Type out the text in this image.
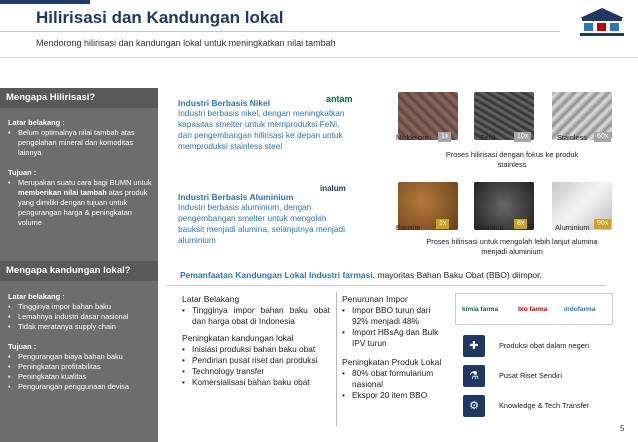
Hilirisasi dan Kandungan lokal
Mendorong hilirisasi dan kandungan lokal untuk meningkatkan nilai tambah
Mengapa Hilirisasi?
Latar belakang :
• Belum optimalnya nilai tambah atas pengolahan mineral dan komoditas lainnya
Tujuan :
• Merupakan suatu cara bagi BUMN untuk memberikan nilai tambah atas produk yang dimiliki dengan tujuan untuk pengurangan harga & peningkatan volume
Mengapa kandungan lokal?
Latar belakang :
• Tingginya impor bahan baku
• Lemahnya industri dasar nasional
• Tidak meratanya supply chain
Tujuan :
• Pengurangan biaya bahan baku
• Peningkatan profitabilitas
• Peningkatan kualitas
• Pengurangan penggunaan devisa
Industri Berbasis Nikel
Industri berbasis nikel, dengan meningkatkan kapasitas smelter untuk memproduksi FeNi, dan pengembangan hilirisasi ke depan untuk memproduksi stainless steel
antam
Nickle ore	1x	FeNi	10x	Stainless	60x
Proses hilirisasi dengan fokus ke produk stainless
Industri Berbasis Aluminium
Industri berbasis aluminium, dengan pengembangan smelter untuk mengolah bauksit menjadi alumina, selanjutnya menjadi aluminium
inalum
Bauxite	1x	Alumina	8x	Aluminium	90x
Proses hilirisasi untuk mengolah lebih lanjut alumina menjadi aluminium
Pemanfaatan Kandungan Lokal Industri farmasi, mayoritas Bahan Baku Obat (BBO) diimpor.
Latar Belakang
• Tingginya impor bahan baku obat dan harga obat di Indonesia
Peningkatan kandungan lokal
• Inisiasi produksi bahan baku obat
• Pendirian pusat riset dan produksi
• Technology transfer
• Komersialisasi bahan baku obat
Penurunan Impor
• Impor BBO turun dari 92% menjadi 48%
• Import HBsAg dan Bulk IPV turun
Peningkatan Produk Lokal
• 80% obat formularium nasional
• Ekspor 20 item BBO
kimia farma	bio farma	indofarma
✚	Produksi obat dalam negeri
⚗	Pusat Riset Sendiri
⚙	Knowledge & Tech Transfer
5
